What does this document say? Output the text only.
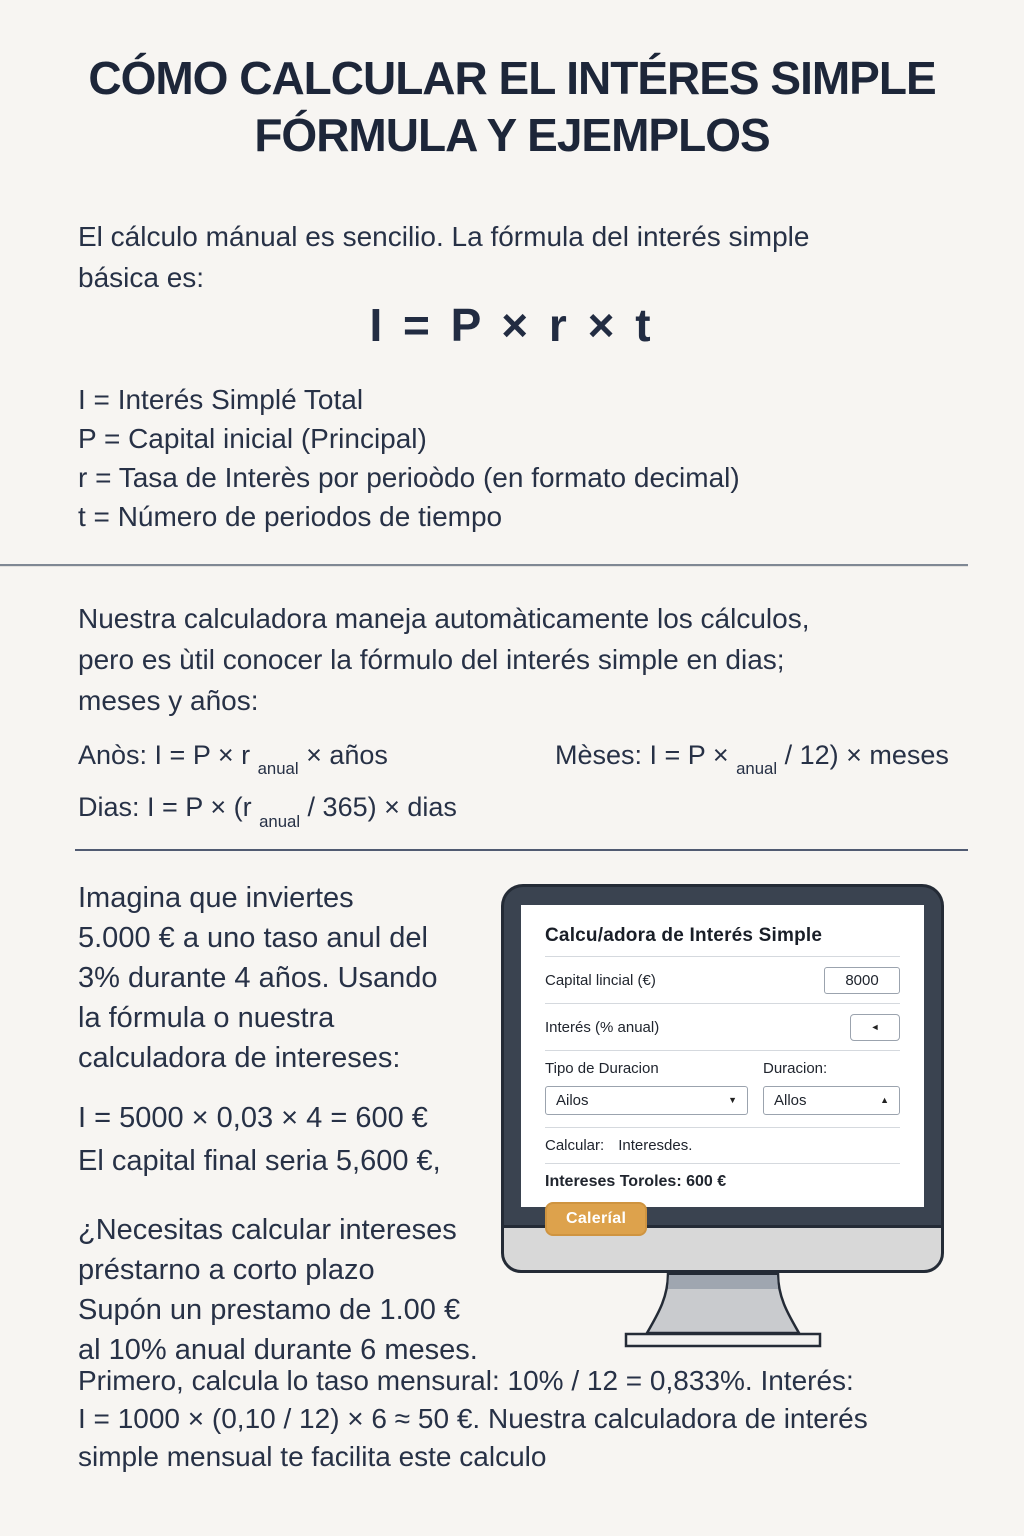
CÓMO CALCULAR EL INTÉRES SIMPLE
FÓRMULA Y EJEMPLOS
El cálculo mánual es sencilio. La fórmula del interés simple
básica es:
I = P × r × t
I = Interés Simplé Total
P = Capital inicial (Principal)
r = Tasa de Interès por perioòdo (en formato decimal)
t = Número de periodos de tiempo
Nuestra calculadora maneja automàticamente los cálculos,
pero es ùtil conocer la fórmulo del interés simple en dias;
meses y años:
Anòs: I = P × r $_{anual}$ × años	Mèses: I = P × $_{anual}$ / 12) × meses
Dias: I = P × (r $_{anual}$ / 365) × dias
Imagina que inviertes
5.000 € a uno taso anul del
3% durante 4 años. Usando
la fórmula o nuestra
calculadora de intereses:
I = 5000 × 0,03 × 4 = 600 €
El capital final seria 5,600 €,
¿Necesitas calcular intereses
préstarno a corto plazo
Supón un prestamo de 1.00 €
al 10% anual durante 6 meses.
Primero, calcula lo taso mensural: 10% / 12 = 0,833%. Interés:
I = 1000 × (0,10 / 12) × 6 ≈ 50 €. Nuestra calculadora de interés
simple mensual te facilita este calculo
Calcu/adora de Interés Simple
Capital lincial (€)
8000
Interés (% anual)	◄
Tipo de Duracion	Duracion:
Ailos	▼ Allos	▲
Calcular: Interesdes.
Intereses Toroles: 600 €
Caleríal
